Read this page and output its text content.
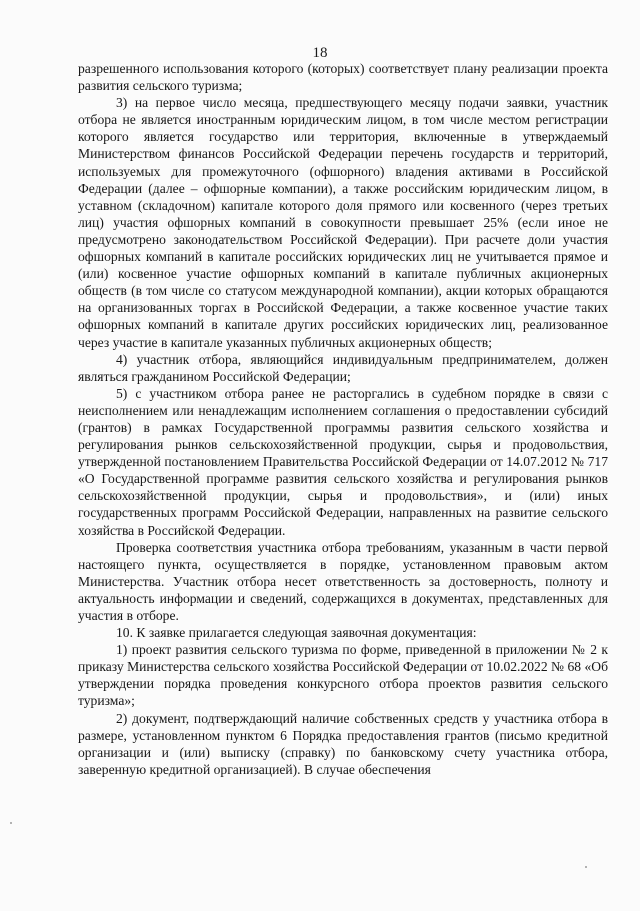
18

разрешенного использования которого (которых) соответствует плану реализации проекта развития сельского туризма;

3) на первое число месяца, предшествующего месяцу подачи заявки, участник отбора не является иностранным юридическим лицом, в том числе местом регистрации которого является государство или территория, включенные в утверждаемый Министерством финансов Российской Федерации перечень государств и территорий, используемых для промежуточного (офшорного) владения активами в Российской Федерации (далее – офшорные компании), а также российским юридическим лицом, в уставном (складочном) капитале которого доля прямого или косвенного (через третьих лиц) участия офшорных компаний в совокупности превышает 25% (если иное не предусмотрено законодательством Российской Федерации). При расчете доли участия офшорных компаний в капитале российских юридических лиц не учитывается прямое и (или) косвенное участие офшорных компаний в капитале публичных акционерных обществ (в том числе со статусом международной компании), акции которых обращаются на организованных торгах в Российской Федерации, а также косвенное участие таких офшорных компаний в капитале других российских юридических лиц, реализованное через участие в капитале указанных публичных акционерных обществ;

4) участник отбора, являющийся индивидуальным предпринимателем, должен являться гражданином Российской Федерации;

5) с участником отбора ранее не расторгались в судебном порядке в связи с неисполнением или ненадлежащим исполнением соглашения о предоставлении субсидий (грантов) в рамках Государственной программы развития сельского хозяйства и регулирования рынков сельскохозяйственной продукции, сырья и продовольствия, утвержденной постановлением Правительства Российской Федерации от 14.07.2012 № 717 «О Государственной программе развития сельского хозяйства и регулирования рынков сельскохозяйственной продукции, сырья и продовольствия», и (или) иных государственных программ Российской Федерации, направленных на развитие сельского хозяйства в Российской Федерации.

Проверка соответствия участника отбора требованиям, указанным в части первой настоящего пункта, осуществляется в порядке, установленном правовым актом Министерства. Участник отбора несет ответственность за достоверность, полноту и актуальность информации и сведений, содержащихся в документах, представленных для участия в отборе.

10. К заявке прилагается следующая заявочная документация:

1) проект развития сельского туризма по форме, приведенной в приложении № 2 к приказу Министерства сельского хозяйства Российской Федерации от 10.02.2022 № 68 «Об утверждении порядка проведения конкурсного отбора проектов развития сельского туризма»;

2) документ, подтверждающий наличие собственных средств у участника отбора в размере, установленном пунктом 6 Порядка предоставления грантов (письмо кредитной организации и (или) выписку (справку) по банковскому счету участника отбора, заверенную кредитной организацией). В случае обеспечения
